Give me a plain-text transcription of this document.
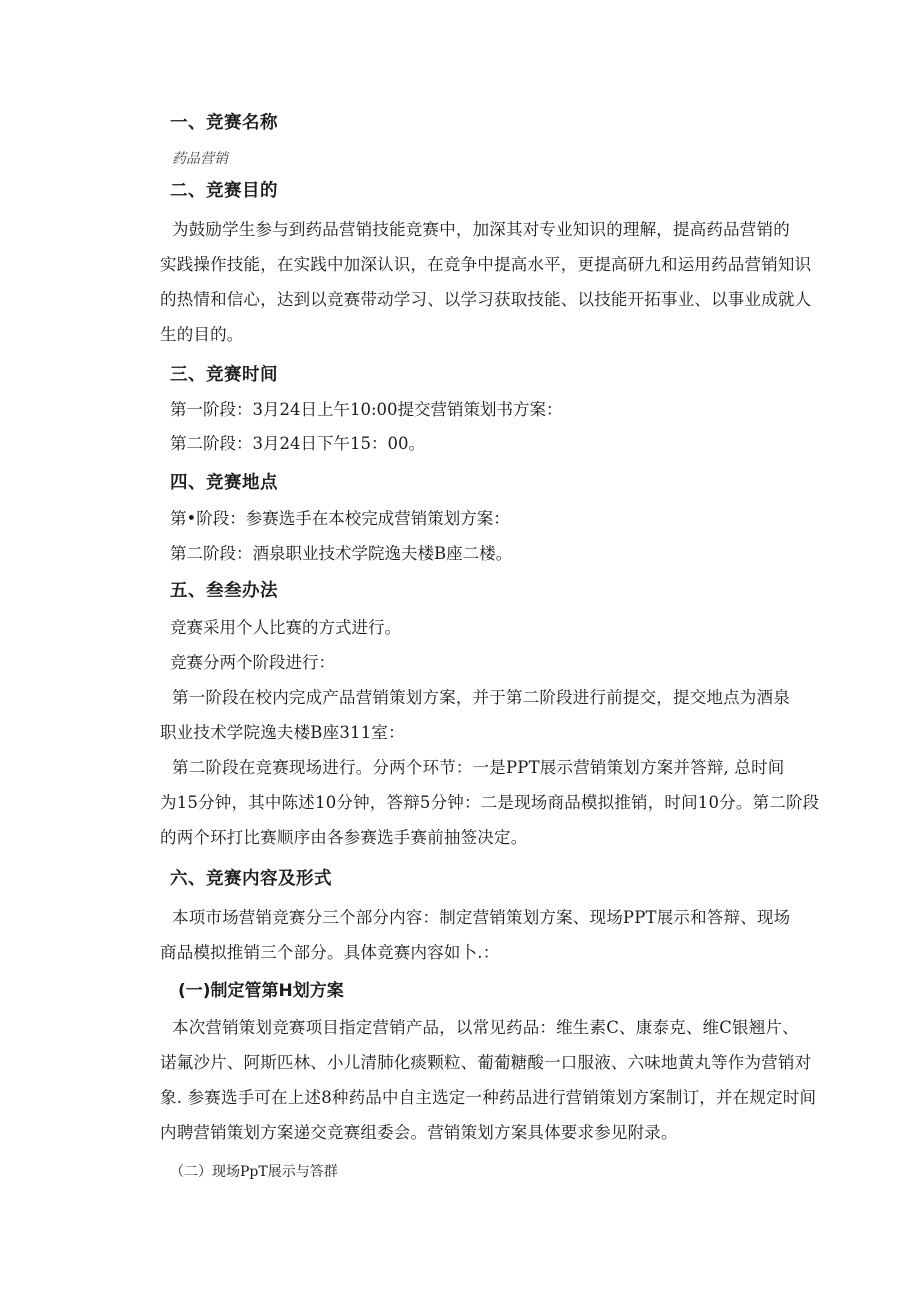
一、竞赛名称
药品营销
二、竞赛目的
为鼓励学生参与到药品营销技能竞赛中，加深其对专业知识的理解，提高药品营销的
实践操作技能，在实践中加深认识，在竞争中提高水平，更提高研九和运用药品营销知识
的热情和信心，达到以竞赛带动学习、以学习获取技能、以技能开拓事业、以事业成就人
生的目的。
三、竞赛时间
第一阶段：3月24日上午10:00提交营销策划书方案：
第二阶段：3月24日下午15：00。
四、竞赛地点
第•阶段：参赛选手在本校完成营销策划方案：
第二阶段：酒泉职业技术学院逸夫楼B座二楼。
五、叁叁办法
竞赛采用个人比赛的方式进行。
竞赛分两个阶段进行：
第一阶段在校内完成产品营销策划方案，并于第二阶段进行前提交，提交地点为酒泉
职业技术学院逸夫楼B座311室：
第二阶段在竞赛现场进行。分两个环节：一是PPT展示营销策划方案并答辩, 总时间
为15分钟，其中陈述10分钟，答辩5分钟：二是现场商品模拟推销，时间10分。第二阶段
的两个环打比赛顺序由各参赛选手赛前抽签决定。
六、竞赛内容及形式
本项市场营销竞赛分三个部分内容：制定营销策划方案、现场PPT展示和答辩、现场
商品模拟推销三个部分。具体竞赛内容如卜.：
(一)制定管第H划方案
本次营销策划竞赛项目指定营销产品，以常见药品：维生素C、康泰克、维C银翘片、
诺氟沙片、阿斯匹林、小儿清肺化痰颗粒、葡葡糖酸一口服液、六味地黄丸等作为营销对
象. 参赛选手可在上述8种药品中自主选定一种药品进行营销策划方案制订，并在规定时间
内聘营销策划方案递交竞赛组委会。营销策划方案具体要求参见附录。
（二）现场PpT展示与答群
